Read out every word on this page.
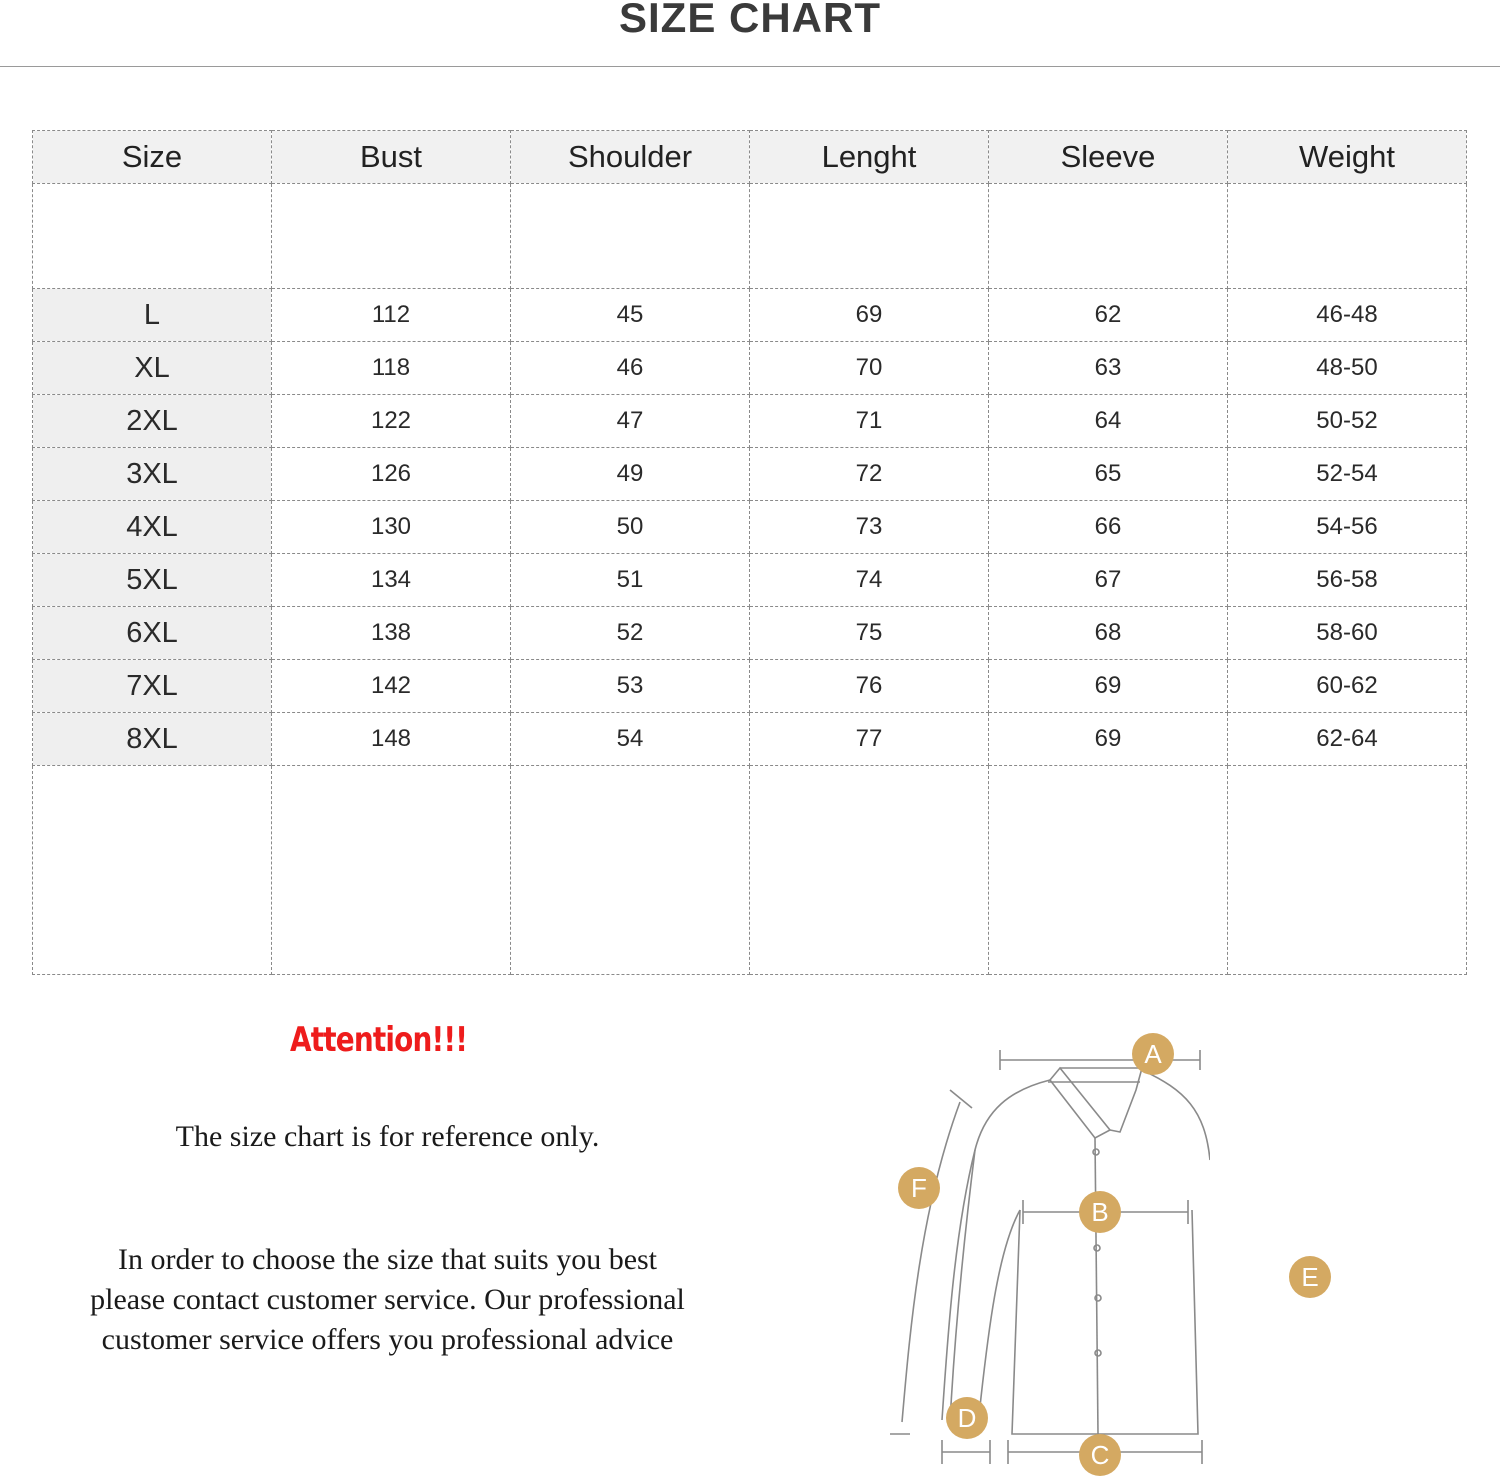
SIZE CHART
Size	Bust	Shoulder	Lenght	Sleeve	Weight

L	112	45	69	62	46-48
XL	118	46	70	63	48-50
2XL	122	47	71	64	50-52
3XL	126	49	72	65	52-54
4XL	130	50	73	66	54-56
5XL	134	51	74	67	56-58
6XL	138	52	75	68	58-60
7XL	142	53	76	69	60-62
8XL	148	54	77	69	62-64

Attention!!!
The size chart is for reference only.
In order to choose the size that suits you best
please contact customer service. Our professional
customer service offers you professional advice
A
B
C
D
F
E
